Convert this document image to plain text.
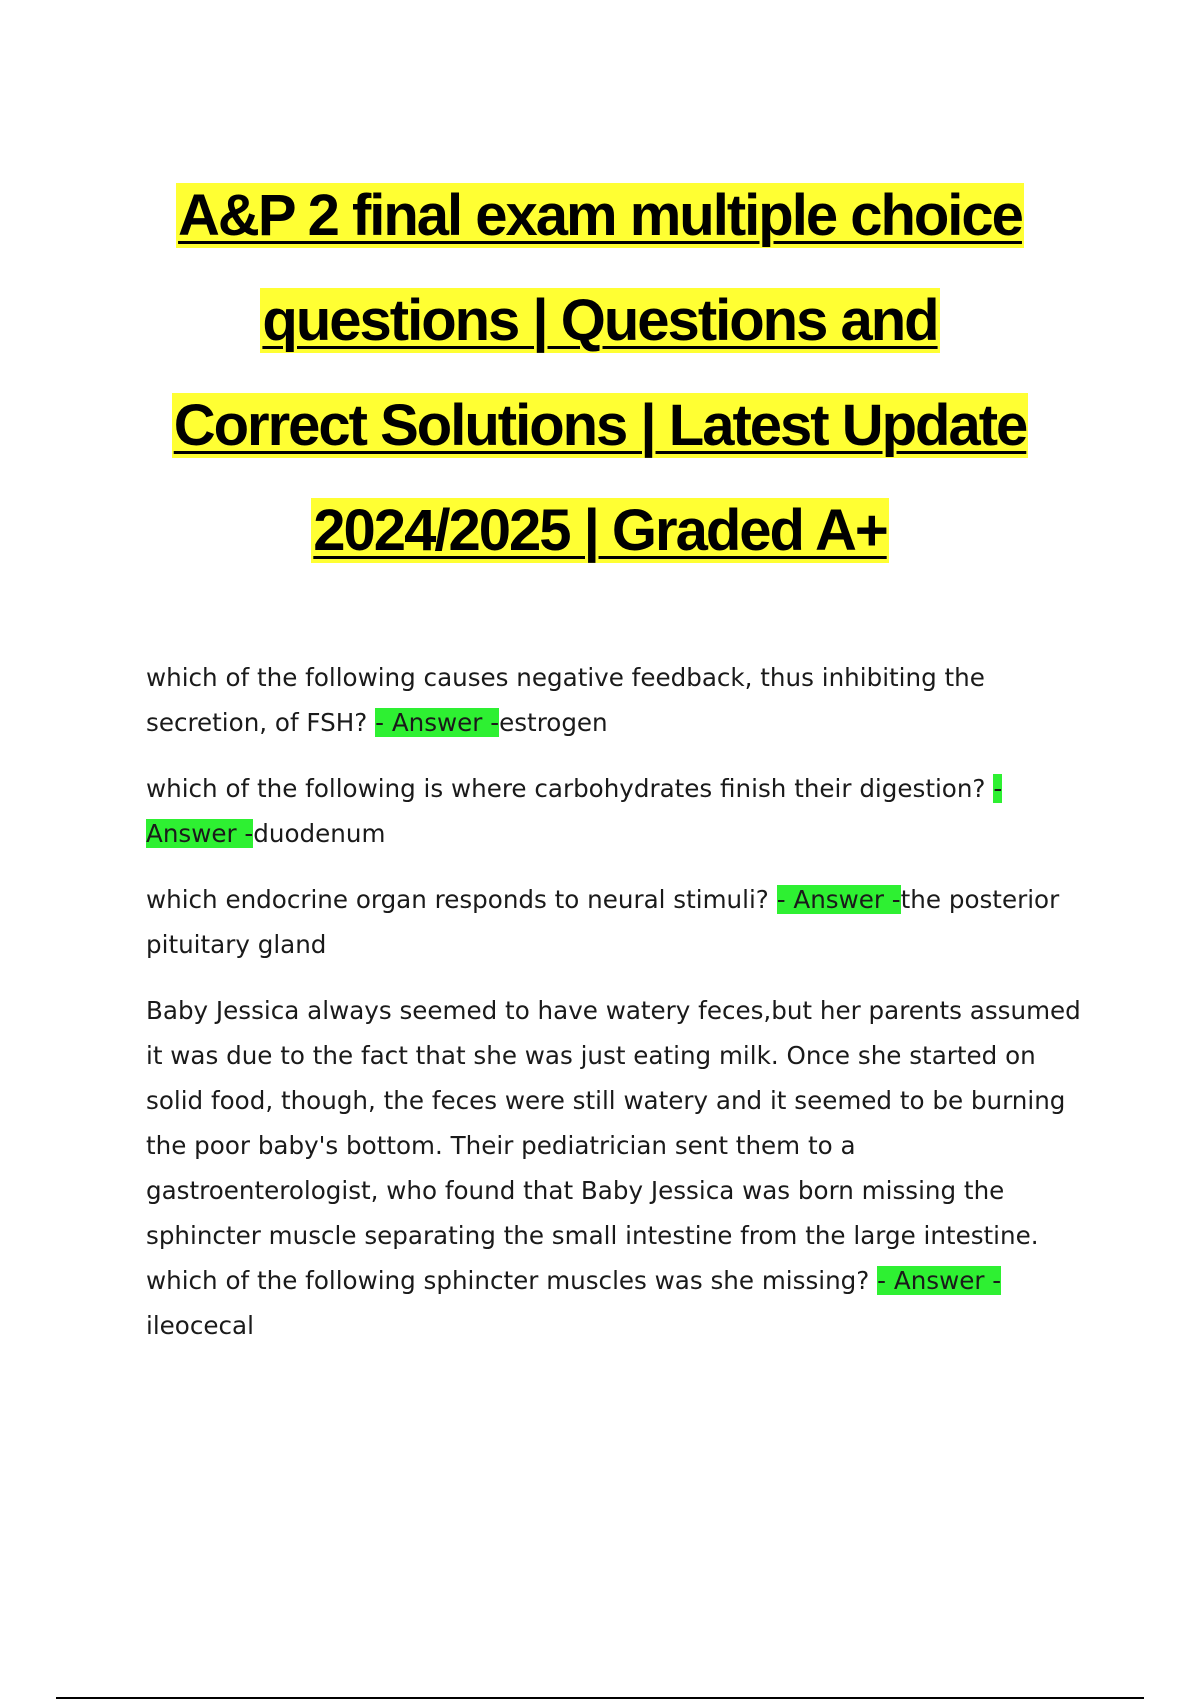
A&P 2 final exam multiple choice
questions | Questions and
Correct Solutions | Latest Update
2024/2025 | Graded A+

which of the following causes negative feedback, thus inhibiting the secretion, of FSH? - Answer -estrogen

which of the following is where carbohydrates finish their digestion? - Answer -duodenum

which endocrine organ responds to neural stimuli? - Answer -the posterior pituitary gland

Baby Jessica always seemed to have watery feces,but her parents assumed it was due to the fact that she was just eating milk. Once she started on solid food, though, the feces were still watery and it seemed to be burning the poor baby's bottom. Their pediatrician sent them to a gastroenterologist, who found that Baby Jessica was born missing the sphincter muscle separating the small intestine from the large intestine. which of the following sphincter muscles was she missing? - Answer -ileocecal
